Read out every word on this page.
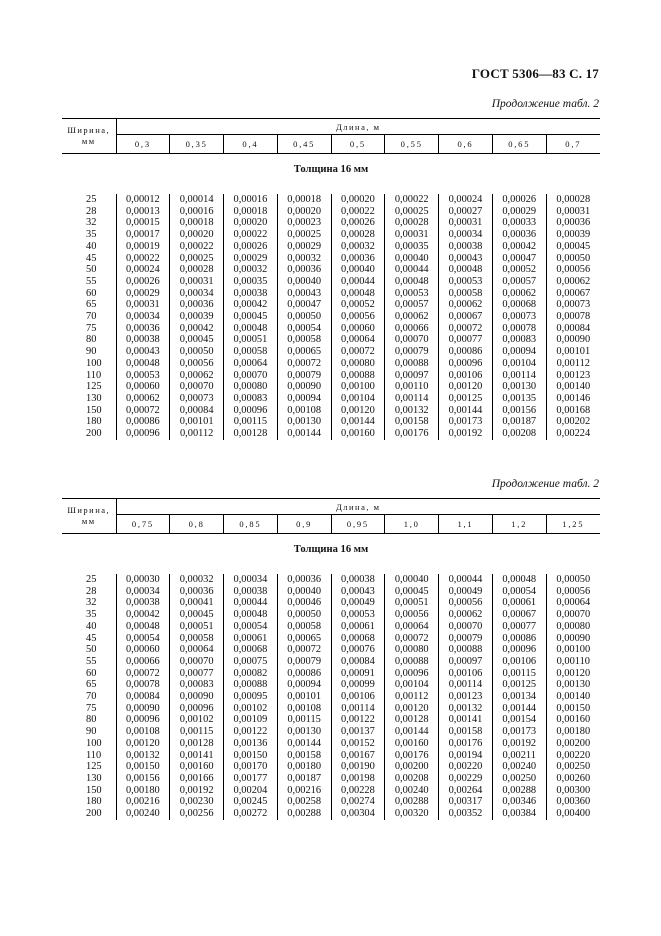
ГОСТ 5306—83 С. 17
Продолжение табл. 2
Ширина,
мм	Длина, м								
	0,3	0,35	0,4	0,45	0,5	0,55	0,6	0,65	0,7
Толщина 16 мм									

25	0,00012	0,00014	0,00016	0,00018	0,00020	0,00022	0,00024	0,00026	0,00028
28	0,00013	0,00016	0,00018	0,00020	0,00022	0,00025	0,00027	0,00029	0,00031
32	0,00015	0,00018	0,00020	0,00023	0,00026	0,00028	0,00031	0,00033	0,00036
35	0,00017	0,00020	0,00022	0,00025	0,00028	0,00031	0,00034	0,00036	0,00039
40	0,00019	0,00022	0,00026	0,00029	0,00032	0,00035	0,00038	0,00042	0,00045
45	0,00022	0,00025	0,00029	0,00032	0,00036	0,00040	0,00043	0,00047	0,00050
50	0,00024	0,00028	0,00032	0,00036	0,00040	0,00044	0,00048	0,00052	0,00056
55	0,00026	0,00031	0,00035	0,00040	0,00044	0,00048	0,00053	0,00057	0,00062
60	0,00029	0,00034	0,00038	0,00043	0,00048	0,00053	0,00058	0,00062	0,00067
65	0,00031	0,00036	0,00042	0,00047	0,00052	0,00057	0,00062	0,00068	0,00073
70	0,00034	0,00039	0,00045	0,00050	0,00056	0,00062	0,00067	0,00073	0,00078
75	0,00036	0,00042	0,00048	0,00054	0,00060	0,00066	0,00072	0,00078	0,00084
80	0,00038	0,00045	0,00051	0,00058	0,00064	0,00070	0,00077	0,00083	0,00090
90	0,00043	0,00050	0,00058	0,00065	0,00072	0,00079	0,00086	0,00094	0,00101
100	0,00048	0,00056	0,00064	0,00072	0,00080	0,00088	0,00096	0,00104	0,00112
110	0,00053	0,00062	0,00070	0,00079	0,00088	0,00097	0,00106	0,00114	0,00123
125	0,00060	0,00070	0,00080	0,00090	0,00100	0,00110	0,00120	0,00130	0,00140
130	0,00062	0,00073	0,00083	0,00094	0,00104	0,00114	0,00125	0,00135	0,00146
150	0,00072	0,00084	0,00096	0,00108	0,00120	0,00132	0,00144	0,00156	0,00168
180	0,00086	0,00101	0,00115	0,00130	0,00144	0,00158	0,00173	0,00187	0,00202
200	0,00096	0,00112	0,00128	0,00144	0,00160	0,00176	0,00192	0,00208	0,00224
Продолжение табл. 2
Ширина,
мм	Длина, м								
	0,75	0,8	0,85	0,9	0,95	1,0	1,1	1,2	1,25
Толщина 16 мм									

25	0,00030	0,00032	0,00034	0,00036	0,00038	0,00040	0,00044	0,00048	0,00050
28	0,00034	0,00036	0,00038	0,00040	0,00043	0,00045	0,00049	0,00054	0,00056
32	0,00038	0,00041	0,00044	0,00046	0,00049	0,00051	0,00056	0,00061	0,00064
35	0,00042	0,00045	0,00048	0,00050	0,00053	0,00056	0,00062	0,00067	0,00070
40	0,00048	0,00051	0,00054	0,00058	0,00061	0,00064	0,00070	0,00077	0,00080
45	0,00054	0,00058	0,00061	0,00065	0,00068	0,00072	0,00079	0,00086	0,00090
50	0,00060	0,00064	0,00068	0,00072	0,00076	0,00080	0,00088	0,00096	0,00100
55	0,00066	0,00070	0,00075	0,00079	0,00084	0,00088	0,00097	0,00106	0,00110
60	0,00072	0,00077	0,00082	0,00086	0,00091	0,00096	0,00106	0,00115	0,00120
65	0,00078	0,00083	0,00088	0,00094	0,00099	0,00104	0,00114	0,00125	0,00130
70	0,00084	0,00090	0,00095	0,00101	0,00106	0,00112	0,00123	0,00134	0,00140
75	0,00090	0,00096	0,00102	0,00108	0,00114	0,00120	0,00132	0,00144	0,00150
80	0,00096	0,00102	0,00109	0,00115	0,00122	0,00128	0,00141	0,00154	0,00160
90	0,00108	0,00115	0,00122	0,00130	0,00137	0,00144	0,00158	0,00173	0,00180
100	0,00120	0,00128	0,00136	0,00144	0,00152	0,00160	0,00176	0,00192	0,00200
110	0,00132	0,00141	0,00150	0,00158	0,00167	0,00176	0,00194	0,00211	0,00220
125	0,00150	0,00160	0,00170	0,00180	0,00190	0,00200	0,00220	0,00240	0,00250
130	0,00156	0,00166	0,00177	0,00187	0,00198	0,00208	0,00229	0,00250	0,00260
150	0,00180	0,00192	0,00204	0,00216	0,00228	0,00240	0,00264	0,00288	0,00300
180	0,00216	0,00230	0,00245	0,00258	0,00274	0,00288	0,00317	0,00346	0,00360
200	0,00240	0,00256	0,00272	0,00288	0,00304	0,00320	0,00352	0,00384	0,00400
